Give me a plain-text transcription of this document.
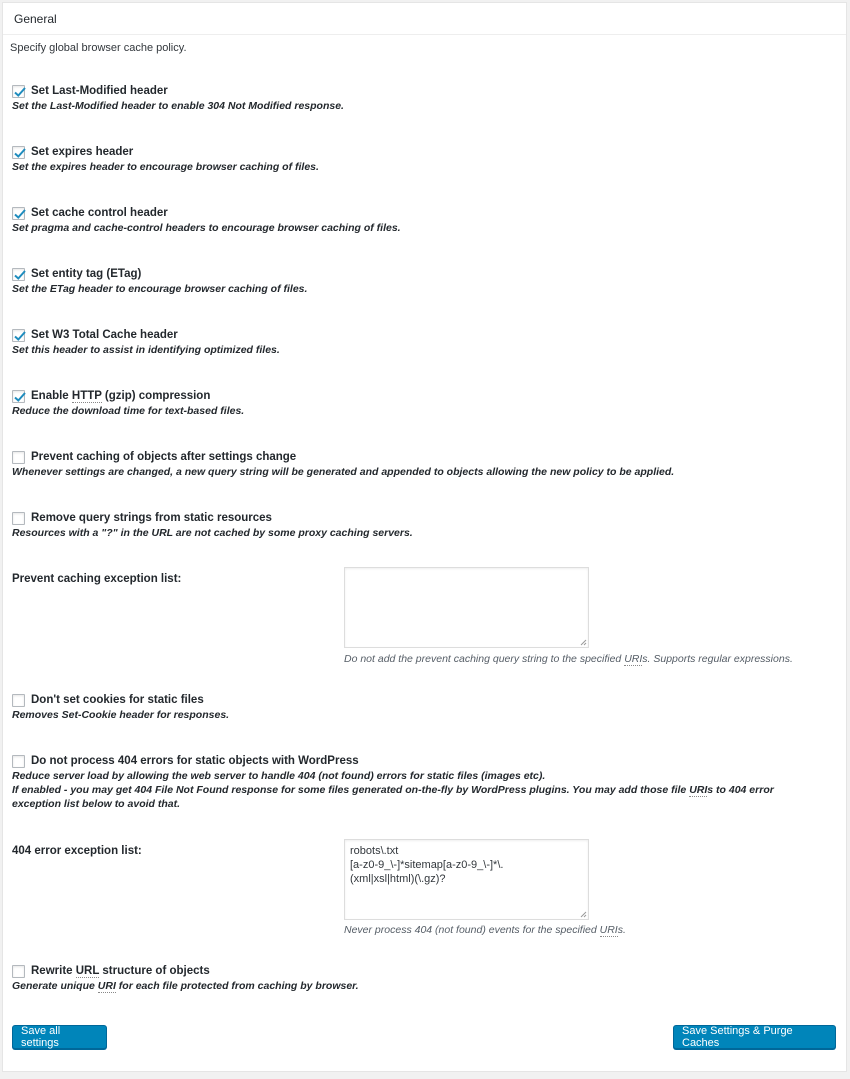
General
Specify global browser cache policy.
Set Last-Modified header
Set the Last-Modified header to enable 304 Not Modified response.
Set expires header
Set the expires header to encourage browser caching of files.
Set cache control header
Set pragma and cache-control headers to encourage browser caching of files.
Set entity tag (ETag)
Set the ETag header to encourage browser caching of files.
Set W3 Total Cache header
Set this header to assist in identifying optimized files.
Enable HTTP (gzip) compression
Reduce the download time for text-based files.
Prevent caching of objects after settings change
Whenever settings are changed, a new query string will be generated and appended to objects allowing the new policy to be applied.
Remove query strings from static resources
Resources with a "?" in the URL are not cached by some proxy caching servers.
Prevent caching exception list:
Do not add the prevent caching query string to the specified URIs. Supports regular expressions.
Don't set cookies for static files
Removes Set-Cookie header for responses.
Do not process 404 errors for static objects with WordPress
Reduce server load by allowing the web server to handle 404 (not found) errors for static files (images etc).
If enabled - you may get 404 File Not Found response for some files generated on-the-fly by WordPress plugins. You may add those file URIs to 404 error
exception list below to avoid that.
404 error exception list:	robots\.txt
[a-z0-9_\-]*sitemap[a-z0-9_\-]*\.
(xml|xsl|html)(\.gz)?
Never process 404 (not found) events for the specified URIs.
Rewrite URL structure of objects
Generate unique URI for each file protected from caching by browser.
Save all settings
Save Settings & Purge Caches
